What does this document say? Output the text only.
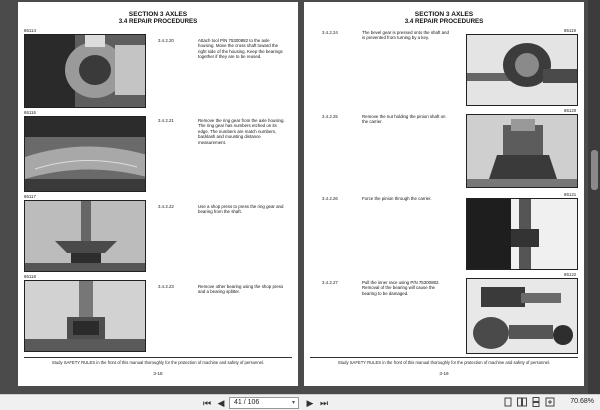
SECTION 3 AXLES
3.4 REPAIR PROCEDURES
86114
3.4.2.20	Attach tool P/N 75300882 to the axle housing. Move the cross shaft toward the right side of the housing. Keep the bearings together if they are to be reused.
86116
3.4.2.21	Remove the ring gear from the axle housing. The ring gear has numbers etched on its edge. The numbers are match numbers, backlash and mounting distance measurement.
86117
3.4.2.22	Use a shop press to press the ring gear and bearing from the shaft.
86118
3.4.2.23	Remove other bearing using the shop press and a bearing splitter.
Study SAFETY RULES in the front of this manual thoroughly for the protection of machine and safety of personnel.
3-18
SECTION 3 AXLES
3.4 REPAIR PROCEDURES
3.4.2.24	The bevel gear is pressed onto the shaft and is prevented from turning by a key.
86119
3.4.2.25	Remove the nut holding the pinion shaft on the carrier.
86120
3.4.2.26	Force the pinion through the carrier.
86121
3.4.2.27	Pull the inner race using P/N 75300882. Removal of the bearing will cause the bearing to be damaged.
86122
Study SAFETY RULES in the front of this manual thoroughly for the protection of machine and safety of personnel.
3-19
⏮ ◀	41 / 106	▾ ▶ ⏭	70.68%
